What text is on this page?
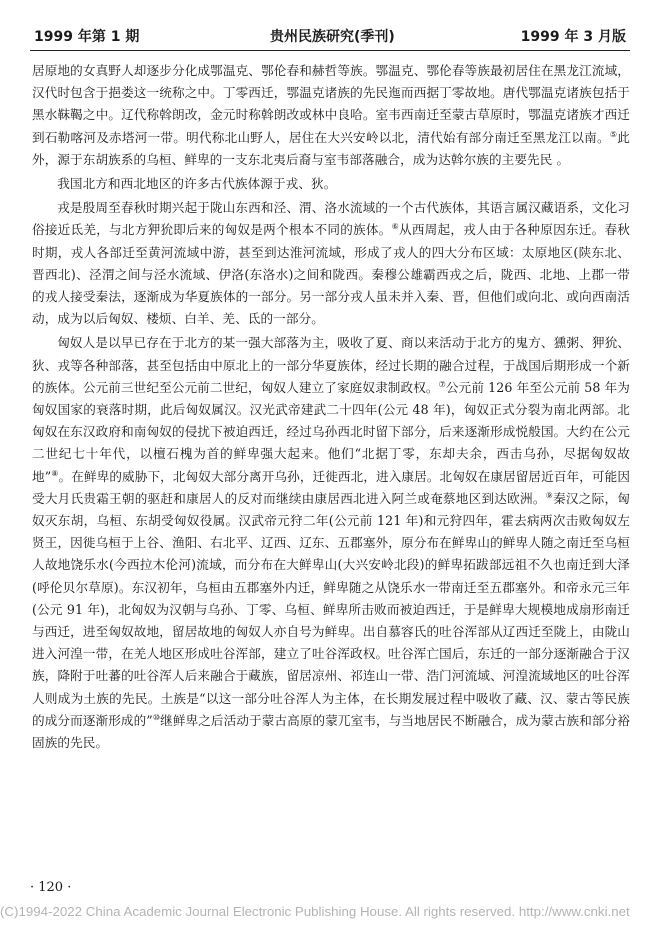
1999 年第 1 期	贵州民族研究(季刊)	1999 年 3 月版

居原地的女真野人却逐步分化成鄂温克、鄂伦春和赫哲等族。鄂温克、鄂伦春等族最初居住在黑龙江流域，汉代时包含于挹娄这一统称之中。丁零西迁，鄂温克诸族的先民迤而西据丁零故地。唐代鄂温克诸族包括于黑水靺鞨之中。辽代称斡朗改，金元时称斡朗改或林中良哈。室韦西南迁至蒙古草原时，鄂温克诸族才西迁到石勒喀河及赤塔河一带。明代称北山野人，居住在大兴安岭以北，清代始有部分南迁至黑龙江以南。⑤此外，源于东胡族系的乌桓、鲜卑的一支东北夷后裔与室韦部落融合，成为达斡尔族的主要先民 。

我国北方和西北地区的许多古代族体源于戎、狄。

戎是殷周至春秋时期兴起于陇山东西和泾、渭、洛水流域的一个古代族体，其语言属汉藏语系，文化习俗接近氐羌，与北方狎狁即后来的匈奴是两个根本不同的族体。⑥从西周起，戎人由于各种原因东迁。春秋时期，戎人各部迁至黄河流域中游，甚至到达淮河流域，形成了戎人的四大分布区域：太原地区(陕东北、晋西北)、泾渭之间与泾水流域、伊洛(东洛水)之间和陇西。秦穆公雄霸西戎之后，陇西、北地、上郡一带的戎人接受秦法，逐渐成为华夏族体的一部分。另一部分戎人虽未并入秦、晋，但他们或向北、或向西南活动，成为以后匈奴、楼烦、白羊、羌、氐的一部分。

匈奴人是以早已存在于北方的某一强大部落为主，吸收了夏、商以来活动于北方的鬼方、獯粥、狎狁、狄、戎等各种部落，甚至包括由中原北上的一部分华夏族体，经过长期的融合过程，于战国后期形成一个新的族体。公元前三世纪至公元前二世纪，匈奴人建立了家庭奴隶制政权。⑦公元前 126 年至公元前 58 年为匈奴国家的衰落时期，此后匈奴属汉。汉光武帝建武二十四年(公元 48 年)，匈奴正式分裂为南北两部。北匈奴在东汉政府和南匈奴的侵扰下被迫西迁，经过乌孙西北时留下部分，后来逐渐形成悦般国。大约在公元二世纪七十年代，以檀石槐为首的鲜卑强大起来。他们“北据丁零，东却夫余，西击乌孙，尽据匈奴故地”⑧。在鲜卑的威胁下，北匈奴大部分离开乌孙，迁徙西北，进入康居。北匈奴在康居留居近百年，可能因受大月氏贵霜王朝的驱赶和康居人的反对而继续由康居西北进入阿兰或奄蔡地区到达欧洲。⑨秦汉之际，匈奴灭东胡，乌桓、东胡受匈奴役属。汉武帝元狩二年(公元前 121 年)和元狩四年，霍去病两次击败匈奴左贤王，因徙乌桓于上谷、渔阳、右北平、辽西、辽东、五郡塞外，原分布在鲜卑山的鲜卑人随之南迁至乌桓人故地饶乐水(今西拉木伦河)流域，而分布在大鲜卑山(大兴安岭北段)的鲜卑拓跋部远祖不久也南迁到大泽(呼伦贝尔草原)。东汉初年，乌桓由五郡塞外内迁，鲜卑随之从饶乐水一带南迁至五郡塞外。和帝永元三年(公元 91 年)，北匈奴为汉朝与乌孙、丁零、乌桓、鲜卑所击败而被迫西迁，于是鲜卑大规模地成扇形南迁与西迁，进至匈奴故地，留居故地的匈奴人亦自号为鲜卑。出自慕容氏的吐谷浑部从辽西迁至陇上，由陇山进入河湟一带，在羌人地区形成吐谷浑部，建立了吐谷浑政权。吐谷浑亡国后，东迁的一部分逐渐融合于汉族，降附于吐蕃的吐谷浑人后来融合于藏族，留居凉州、祁连山一带、浩门河流域、河湟流域地区的吐谷浑人则成为土族的先民。土族是“以这一部分吐谷浑人为主体，在长期发展过程中吸收了藏、汉、蒙古等民族的成分而逐渐形成的”⑩继鲜卑之后活动于蒙古高原的蒙兀室韦，与当地居民不断融合，成为蒙古族和部分裕固族的先民。

· 120 ·
(C)1994-2022 China Academic Journal Electronic Publishing House. All rights reserved. http://www.cnki.net
